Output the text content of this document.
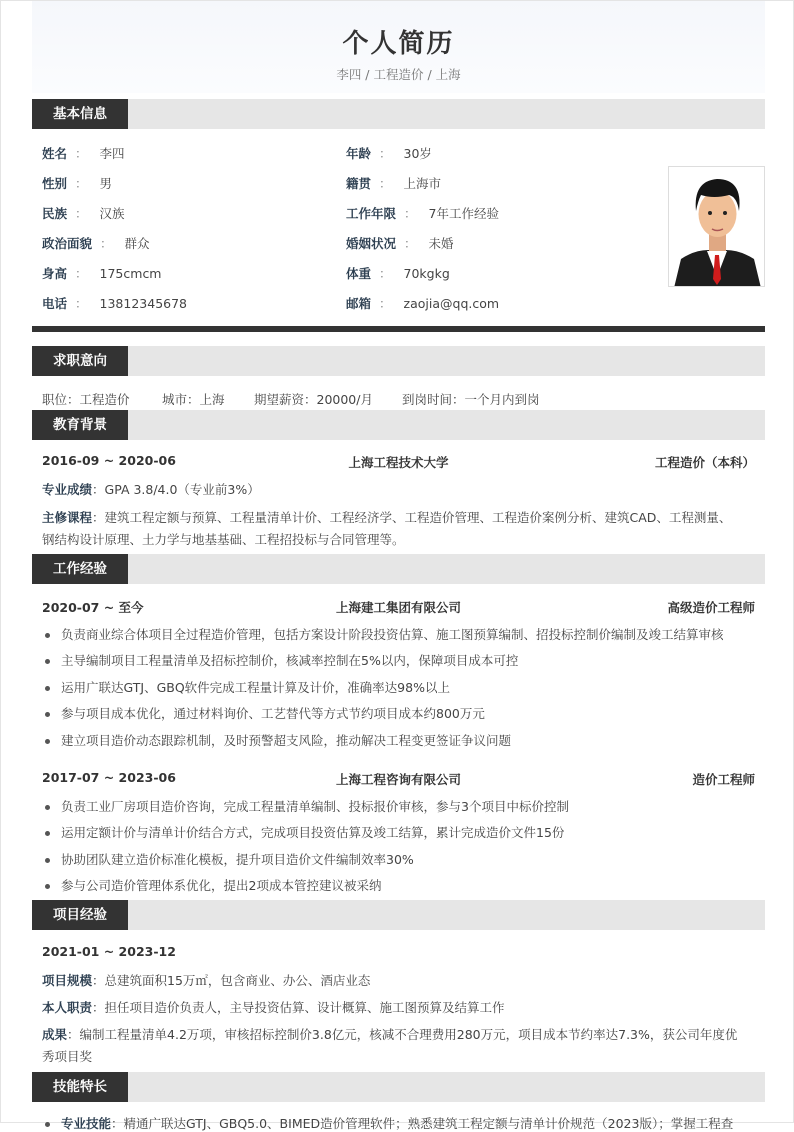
个人简历
李四 / 工程造价 / 上海
基本信息
姓名 ： 李四	年龄 ： 30岁
性别 ： 男	籍贯 ： 上海市
民族 ： 汉族	工作年限 ： 7年工作经验
政治面貌 ： 群众	婚姻状况 ： 未婚
身高 ： 175cmcm	体重 ： 70kgkg
电话 ： 13812345678	邮箱 ： zaojia@qq.com
求职意向
职位：工程造价	城市：上海 期望薪资：20000/月 到岗时间：一个月内到岗
教育背景
2016-09 ~ 2020-06	上海工程技术大学	工程造价（本科）
专业成绩：GPA 3.8/4.0（专业前3%）
主修课程：建筑工程定额与预算、工程量清单计价、工程经济学、工程造价管理、工程造价案例分析、建筑CAD、工程测量、
钢结构设计原理、土力学与地基基础、工程招投标与合同管理等。
工作经验
2020-07 ~ 至今	上海建工集团有限公司	高级造价工程师
负责商业综合体项目全过程造价管理，包括方案设计阶段投资估算、施工图预算编制、招投标控制价编制及竣工结算审核
主导编制项目工程量清单及招标控制价，核减率控制在5%以内，保障项目成本可控
运用广联达GTJ、GBQ软件完成工程量计算及计价，准确率达98%以上
参与项目成本优化，通过材料询价、工艺替代等方式节约项目成本约800万元
建立项目造价动态跟踪机制，及时预警超支风险，推动解决工程变更签证争议问题
2017-07 ~ 2023-06	上海工程咨询有限公司	造价工程师
负责工业厂房项目造价咨询，完成工程量清单编制、投标报价审核，参与3个项目中标价控制
运用定额计价与清单计价结合方式，完成项目投资估算及竣工结算，累计完成造价文件15份
协助团队建立造价标准化模板，提升项目造价文件编制效率30%
参与公司造价管理体系优化，提出2项成本管控建议被采纳
项目经验
2021-01 ~ 2023-12
项目规模：总建筑面积15万㎡，包含商业、办公、酒店业态
本人职责：担任项目造价负责人，主导投资估算、设计概算、施工图预算及结算工作
成果：编制工程量清单4.2万项，审核招标控制价3.8亿元，核减不合理费用280万元，项目成本节约率达7.3%，获公司年度优
秀项目奖
技能特长
专业技能：精通广联达GTJ、GBQ5.0、BIMED造价管理软件；熟悉建筑工程定额与清单计价规范（2023版）；掌握工程查
